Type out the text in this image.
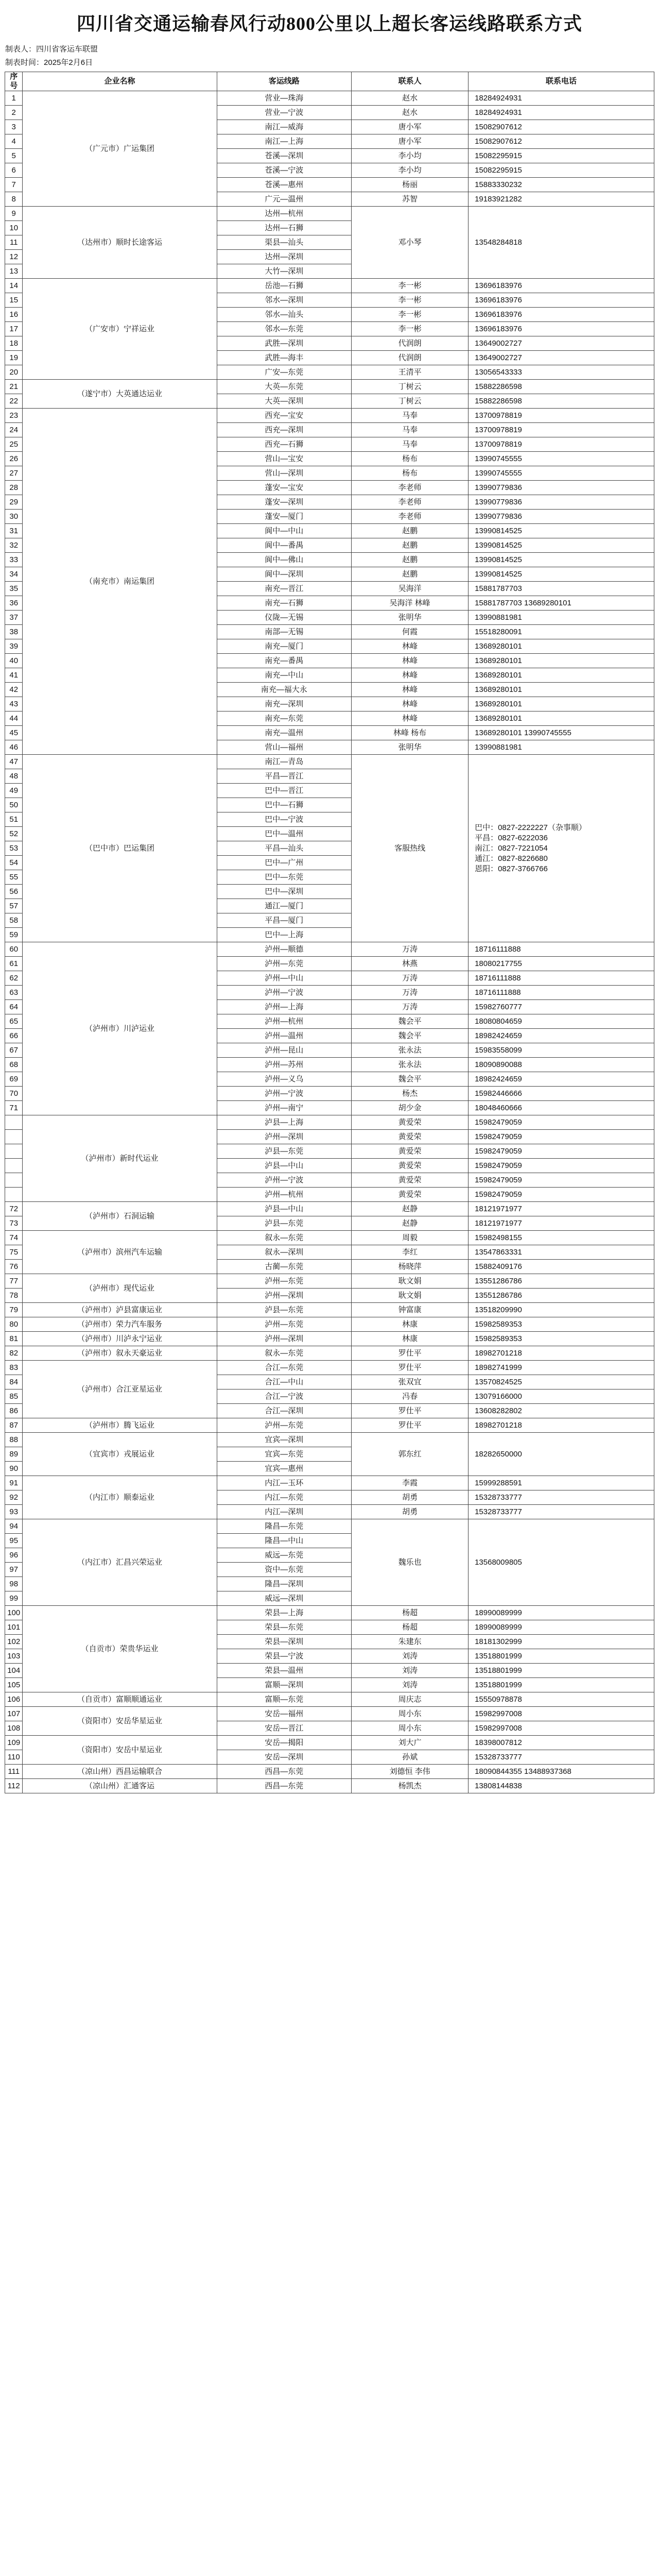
四川省交通运输春风行动800公里以上超长客运线路联系方式
制表人：四川省客运车联盟
制表时间：2025年2月6日
序号	企业名称	客运线路	联系人	联系电话
1	（广元市）广运集团	营业—珠海	赵水	18284924931
2		营业—宁波	赵水	18284924931
3		南江—威海	唐小军	15082907612
4		南江—上海	唐小军	15082907612
5		苍溪—深圳	李小均	15082295915
6		苍溪—宁波	李小均	15082295915
7		苍溪—惠州	杨丽	15883330232
8		广元—温州	苏智	19183921282
9	（达州市）顺时长途客运	达州—杭州	邓小琴	13548284818
10		达州—石狮		
11		渠县—汕头		
12		达州—深圳		
13		大竹—深圳		
14	（广安市）宁祥运业	岳池—石狮	李一彬	13696183976
15		邻水—深圳	李一彬	13696183976
16		邻水—汕头	李一彬	13696183976
17		邻水—东莞	李一彬	13696183976
18		武胜—深圳	代润朗	13649002727
19		武胜—海丰	代润朗	13649002727
20		广安—东莞	王清平	13056543333
21	（遂宁市）大英通达运业	大英—东莞	丁树云	15882286598
22		大英—深圳	丁树云	15882286598
23	（南充市）南运集团	西充—宝安	马奉	13700978819
24		西充—深圳	马奉	13700978819
25		西充—石狮	马奉	13700978819
26		营山—宝安	杨布	13990745555
27		营山—深圳	杨布	13990745555
28		蓬安—宝安	李老师	13990779836
29		蓬安—深圳	李老师	13990779836
30		蓬安—厦门	李老师	13990779836
31		阆中—中山	赵鹏	13990814525
32		阆中—番禺	赵鹏	13990814525
33		阆中—佛山	赵鹏	13990814525
34		阆中—深圳	赵鹏	13990814525
35		南充—晋江	吴海洋	15881787703
36		南充—石狮	吴海洋 林峰	15881787703 13689280101
37		仪陇—无锡	张明华	13990881981
38		南部—无锡	何霞	15518280091
39		南充—厦门	林峰	13689280101
40		南充—番禺	林峰	13689280101
41		南充—中山	林峰	13689280101
42		南充—福大永	林峰	13689280101
43		南充—深圳	林峰	13689280101
44		南充—东莞	林峰	13689280101
45		南充—温州	林峰 杨布	13689280101 13990745555
46		营山—福州	张明华	13990881981
47	（巴中市）巴运集团	南江—青岛	客服热线	巴中：0827-2222227（杂事顺）
平昌：0827-6222036
南江：0827-7221054
通江：0827-8226680
恩阳：0827-3766766

48		平昌—晋江		
49		巴中—晋江		
50		巴中—石狮		
51		巴中—宁波		
52		巴中—温州		
53		平昌—汕头		
54		巴中—广州		
55		巴中—东莞		
56		巴中—深圳		
57		通江—厦门		
58		平昌—厦门		
59		巴中—上海		
60	（泸州市）川泸运业	泸州—顺德	万涛	18716111888
61		泸州—东莞	林燕	18080217755
62		泸州—中山	万涛	18716111888
63		泸州—宁波	万涛	18716111888
64		泸州—上海	万涛	15982760777
65		泸州—杭州	魏会平	18080804659
66		泸州—温州	魏会平	18982424659
67		泸州—昆山	张永法	15983558099
68		泸州—苏州	张永法	18090890088
69		泸州—义乌	魏会平	18982424659
70		泸州—宁波	杨杰	15982446666
71		泸州—南宁	胡少金	18048460666
	（泸州市）新时代运业	泸县—上海	黄爱荣	15982479059
		泸州—深圳	黄爱荣	15982479059
		泸县—东莞	黄爱荣	15982479059
		泸县—中山	黄爱荣	15982479059
		泸州—宁波	黄爱荣	15982479059
		泸州—杭州	黄爱荣	15982479059
72	（泸州市）石洞运输	泸县—中山	赵静	18121971977
73		泸县—东莞	赵静	18121971977
74	（泸州市）滨州汽车运输	叙永—东莞	周毅	15982498155
75		叙永—深圳	李红	13547863331
76		古蔺—东莞	杨晓萍	15882409176
77	（泸州市）现代运业	泸州—东莞	耿文娟	13551286786
78		泸州—深圳	耿文娟	13551286786
79	（泸州市）泸县富康运业	泸县—东莞	钟富康	13518209990
80	（泸州市）荣力汽车服务	泸州—东莞	林康	15982589353
81	（泸州市）川泸永宁运业	泸州—深圳	林康	15982589353
82	（泸州市）叙永天豪运业	叙永—东莞	罗仕平	18982701218
83	（泸州市）合江亚星运业	合江—东莞	罗仕平	18982741999
84		合江—中山	张双宜	13570824525
85		合江—宁波	冯春	13079166000
86		合江—深圳	罗仕平	13608282802
87	（泸州市）腾飞运业	泸州—东莞	罗仕平	18982701218
88	（宜宾市）戎展运业	宜宾—深圳	郭东红	18282650000
89		宜宾—东莞		
90		宜宾—惠州		
91	（内江市）顺泰运业	内江—玉环	李霞	15999288591
92		内江—东莞	胡勇	15328733777
93		内江—深圳	胡勇	15328733777
94	（内江市）汇昌兴荣运业	隆昌—东莞	魏乐也	13568009805
95		隆昌—中山		
96		威远—东莞		
97		资中—东莞		
98		隆昌—深圳		
99		威远—深圳		
100	（自贡市）荣贵华运业	荣县—上海	杨超	18990089999
101		荣县—东莞	杨超	18990089999
102		荣县—深圳	朱建东	18181302999
103		荣县—宁波	刘涛	13518801999
104		荣县—温州	刘涛	13518801999
105		富顺—深圳	刘涛	13518801999
106	（自贡市）富顺顺通运业	富顺—东莞	周庆志	15550978878
107	（资阳市）安岳华星运业	安岳—福州	周小东	15982997008
108		安岳—晋江	周小东	15982997008
109	（资阳市）安岳中星运业	安岳—揭阳	刘大广	18398007812
110		安岳—深圳	孙斌	15328733777
111	（凉山州）西昌运输联合	西昌—东莞	刘德恒 李伟	18090844355 13488937368
112	（凉山州）汇通客运	西昌—东莞	杨凯杰	13808144838
